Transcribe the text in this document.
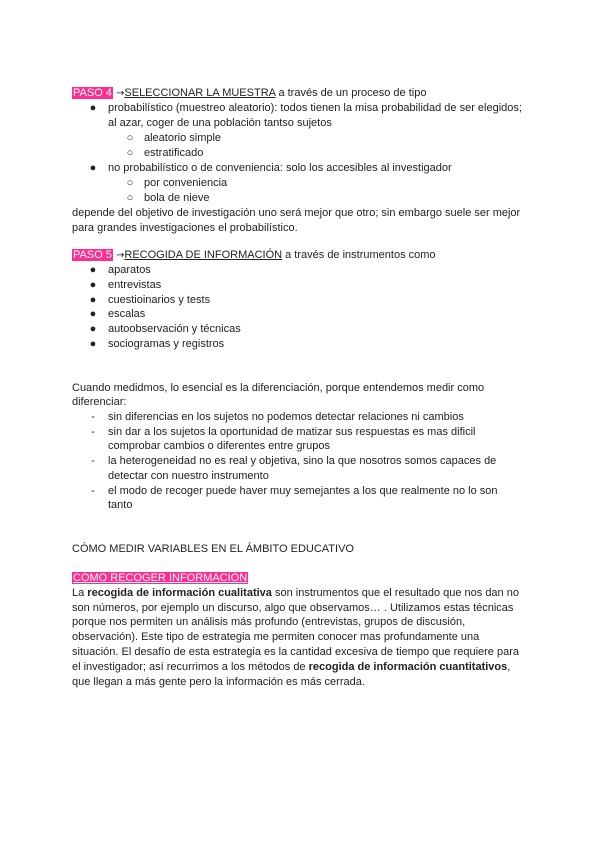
PASO 4 →SELECCIONAR LA MUESTRA a través de un proceso de tipo
●	probabilístico (muestreo aleatorio): todos tienen la misa probabilidad de ser elegidos;
al azar, coger de una población tantso sujetos
○ aleatorio simple
○ estratificado
●	no probabilístico o de conveniencia: solo los accesibles al investigador
○ por conveniencia
○ bola de nieve
depende del objetivo de investigación uno será mejor que otro; sin embargo suele ser mejor
para grandes investigaciones el probabilístico.
PASO 5 →RECOGIDA DE INFORMACIÓN a través de instrumentos como
●	aparatos
●	entrevistas
●	cuestioinarios y tests
●	escalas
●	autoobservación y técnicas
●	sociogramas y registros
Cuando medidmos, lo esencial es la diferenciación, porque entendemos medir como
diferenciar:
-	sin diferencias en los sujetos no podemos detectar relaciones ni cambios
-	sin dar a los sujetos la oportunidad de matizar sus respuestas es mas dificil
comprobar cambios o diferentes entre grupos
-	la heterogeneidad no es real y objetiva, sino la que nosotros somos capaces de
detectar con nuestro instrumento
-	el modo de recoger puede haver muy semejantes a los que realmente no lo son
tanto
CÓMO MEDIR VARIABLES EN EL ÁMBITO EDUCATIVO
CÓMO RECOGER INFORMACIÓN
La recogida de información cualitativa son instrumentos que el resultado que nos dan no
son números, por ejemplo un discurso, algo que observamos… . Utilizamos estas técnicas
porque nos permiten un análisis más profundo (entrevistas, grupos de discusión,
observación). Este tipo de estrategia me permiten conocer mas profundamente una
situación. El desafío de esta estrategia es la cantidad excesiva de tiempo que requiere para
el investigador; así recurrimos a los métodos de recogida de información cuantitativos,
que llegan a más gente pero la información es más cerrada.
